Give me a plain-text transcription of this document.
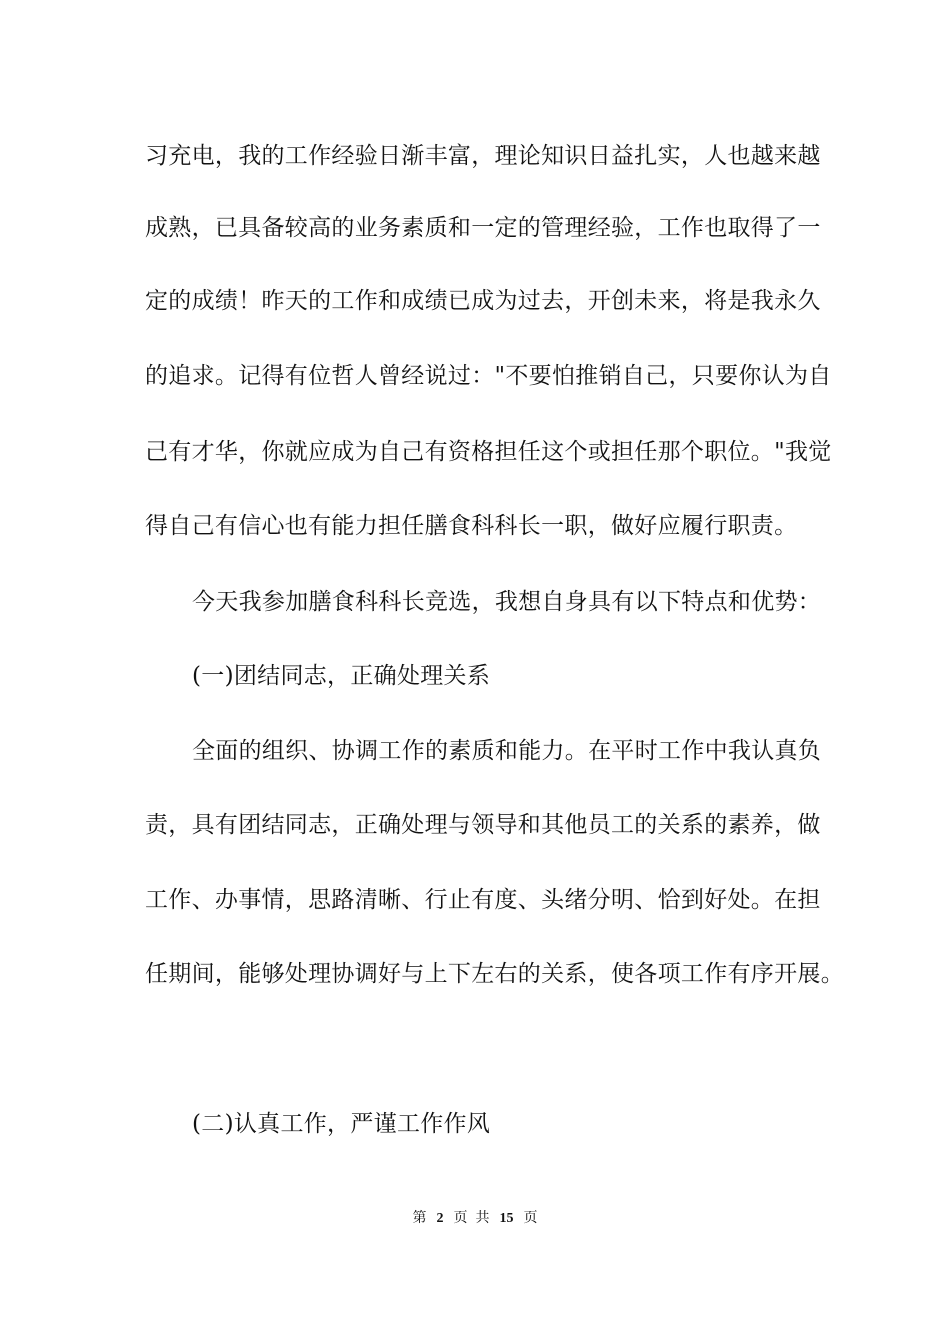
习充电，我的工作经验日渐丰富，理论知识日益扎实，人也越来越
成熟，已具备较高的业务素质和一定的管理经验，工作也取得了一
定的成绩！昨天的工作和成绩已成为过去，开创未来，将是我永久
的追求。记得有位哲人曾经说过："不要怕推销自己，只要你认为自
己有才华，你就应成为自己有资格担任这个或担任那个职位。"我觉
得自己有信心也有能力担任膳食科科长一职，做好应履行职责。
今天我参加膳食科科长竞选，我想自身具有以下特点和优势：
(一)团结同志，正确处理关系
全面的组织、协调工作的素质和能力。在平时工作中我认真负
责，具有团结同志，正确处理与领导和其他员工的关系的素养，做
工作、办事情，思路清晰、行止有度、头绪分明、恰到好处。在担
任期间，能够处理协调好与上下左右的关系，使各项工作有序开展。
(二)认真工作，严谨工作作风
第 2 页 共 15 页
